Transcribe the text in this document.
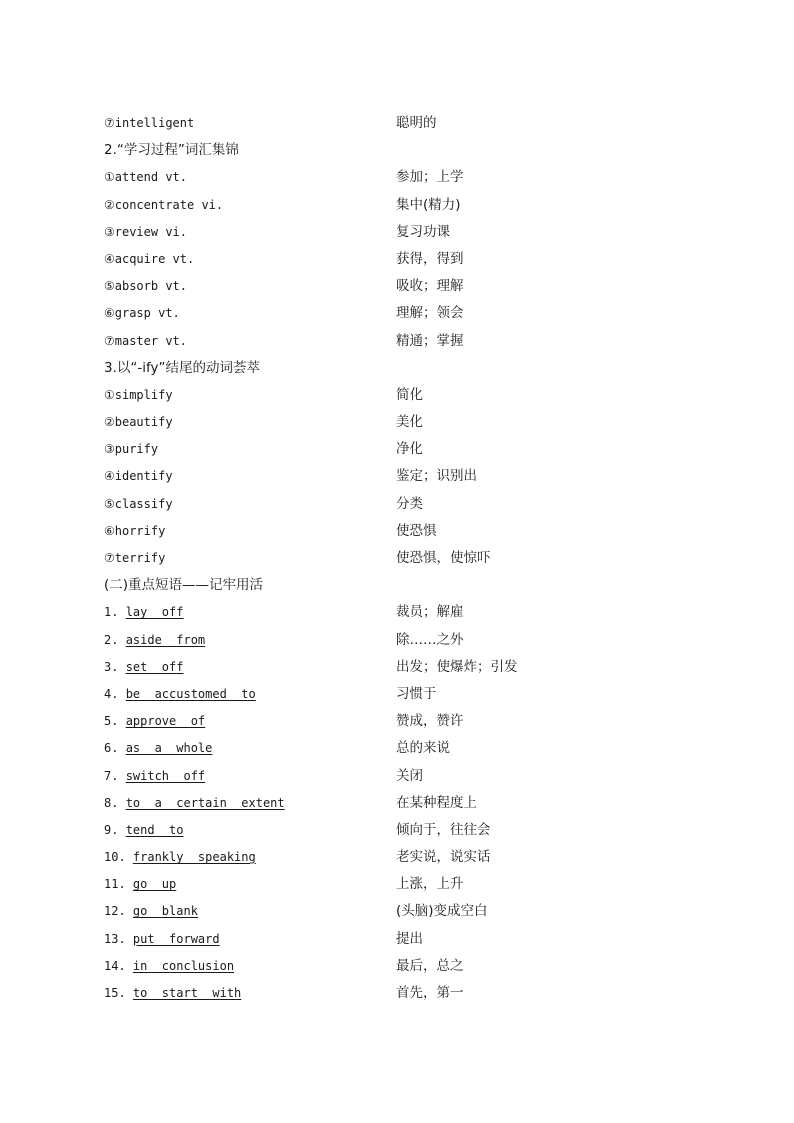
⑦intelligent	聪明的
2.“学习过程”词汇集锦
①attend vt.	参加；上学
②concentrate vi.	集中(精力)
③review vi.	复习功课
④acquire vt.	获得，得到
⑤absorb vt.	吸收；理解
⑥grasp vt.	理解；领会
⑦master vt.	精通；掌握
3.以“-ify”结尾的动词荟萃
①simplify	简化
②beautify	美化
③purify	净化
④identify	鉴定；识别出
⑤classify	分类
⑥horrify	使恐惧
⑦terrify	使恐惧，使惊吓
(二)重点短语——记牢用活
1. lay  off	裁员；解雇
2. aside  from	除……之外
3. set  off	出发；使爆炸；引发
4. be  accustomed  to	习惯于
5. approve  of	赞成，赞许
6. as  a  whole	总的来说
7. switch  off	关闭
8. to  a  certain  extent	在某种程度上
9. tend  to	倾向于，往往会
10. frankly  speaking	老实说，说实话
11. go  up	上涨，上升
12. go  blank	(头脑)变成空白
13. put  forward	提出
14. in  conclusion	最后，总之
15. to  start  with	首先，第一
